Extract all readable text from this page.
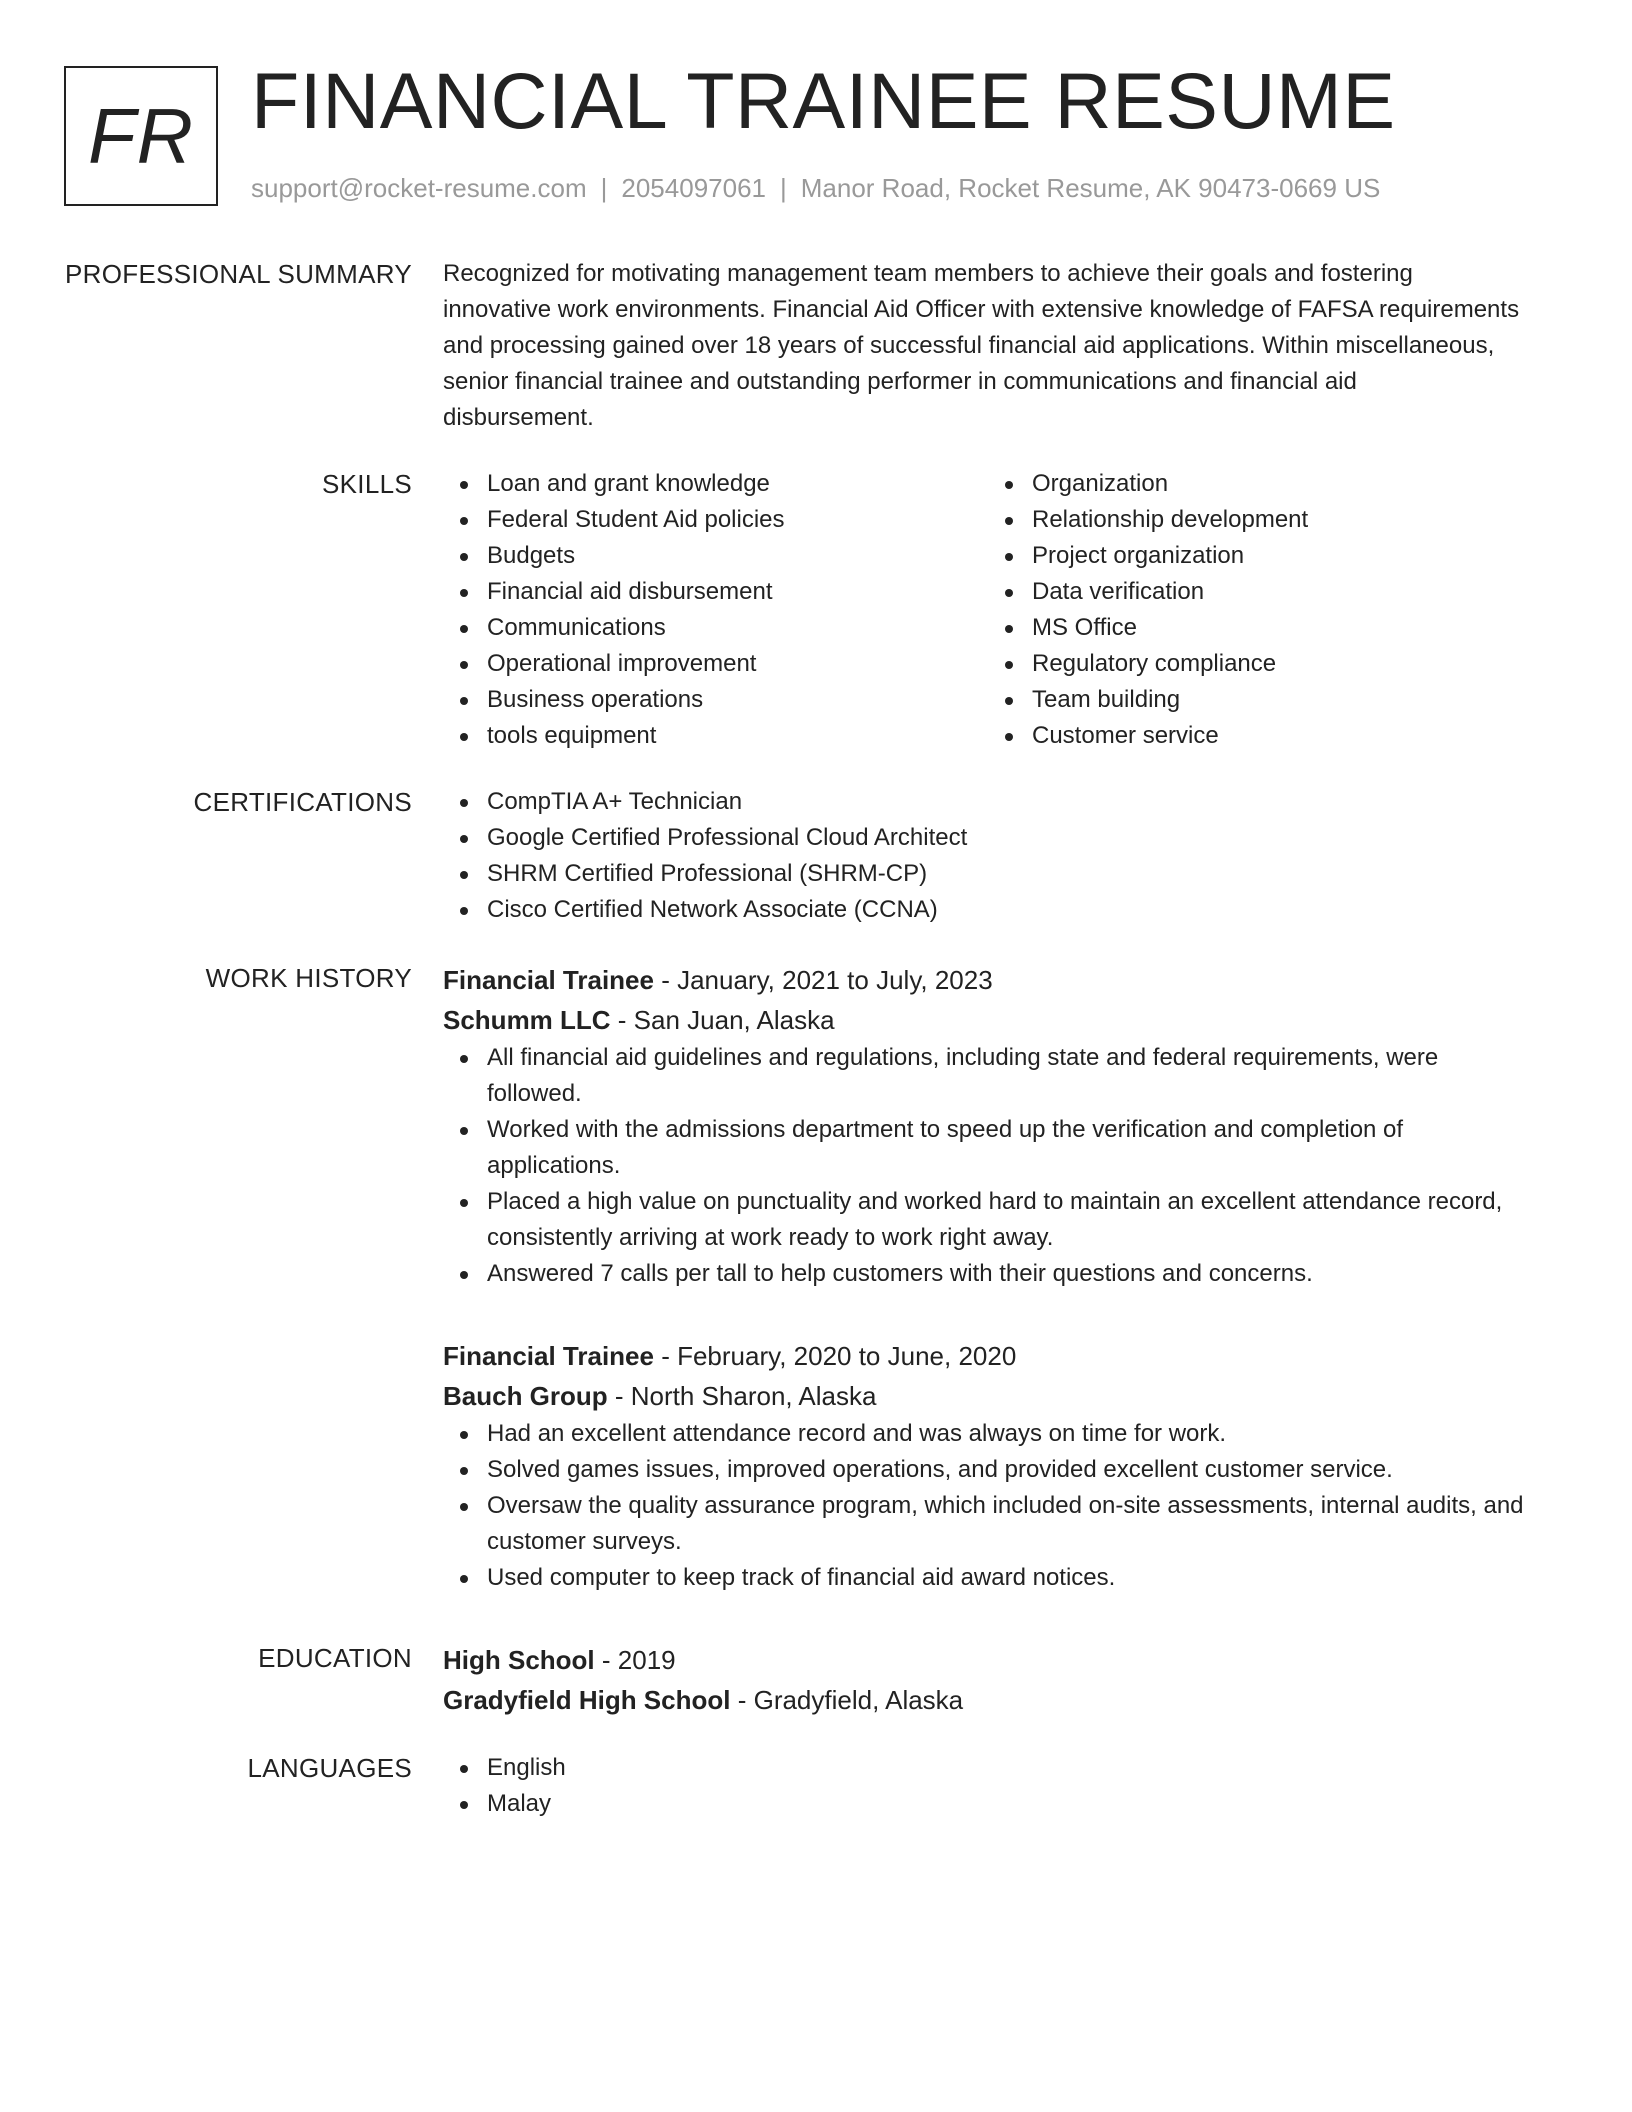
FR FINANCIAL TRAINEE RESUME
support@rocket-resume.com | 2054097061 | Manor Road, Rocket Resume, AK 90473-0669 US
PROFESSIONAL SUMMARY Recognized for motivating management team members to achieve their goals and fostering
innovative work environments. Financial Aid Officer with extensive knowledge of FAFSA requirements
and processing gained over 18 years of successful financial aid applications. Within miscellaneous,
senior financial trainee and outstanding performer in communications and financial aid
disbursement.
SKILLS	Loan and grant knowledge
Federal Student Aid policies
Budgets
Financial aid disbursement
Communications
Operational improvement
Business operations
tools equipment
Organization
Relationship development
Project organization
Data verification
MS Office
Regulatory compliance
Team building
Customer service
CERTIFICATIONS	CompTIA A+ Technician
Google Certified Professional Cloud Architect
SHRM Certified Professional (SHRM-CP)
Cisco Certified Network Associate (CCNA)
WORK HISTORY Financial Trainee - January, 2021 to July, 2023
Schumm LLC - San Juan, Alaska
All financial aid guidelines and regulations, including state and federal requirements, were
followed.
Worked with the admissions department to speed up the verification and completion of
applications.
Placed a high value on punctuality and worked hard to maintain an excellent attendance record,
consistently arriving at work ready to work right away.
Answered 7 calls per tall to help customers with their questions and concerns.
Financial Trainee - February, 2020 to June, 2020
Bauch Group - North Sharon, Alaska
Had an excellent attendance record and was always on time for work.
Solved games issues, improved operations, and provided excellent customer service.
Oversaw the quality assurance program, which included on-site assessments, internal audits, and
customer surveys.
Used computer to keep track of financial aid award notices.
EDUCATION High School - 2019
Gradyfield High School - Gradyfield, Alaska
LANGUAGES	English
Malay
